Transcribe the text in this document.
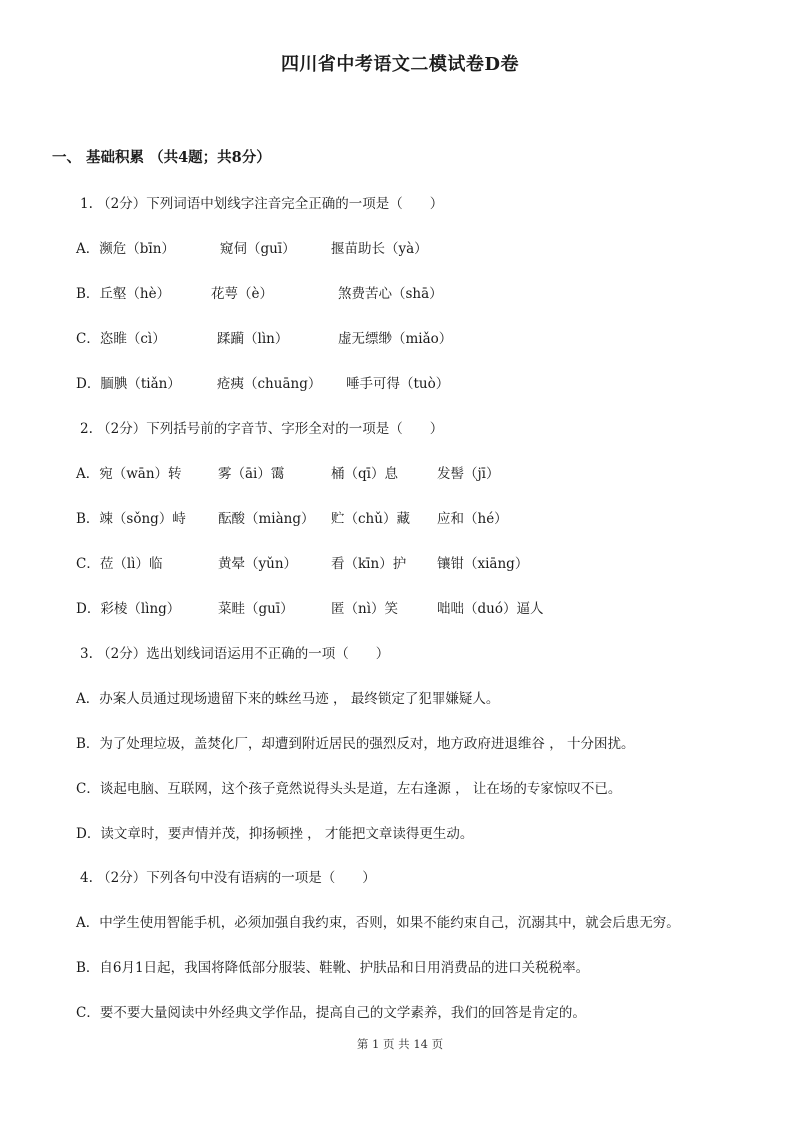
四川省中考语文二模试卷D卷
一、 基础积累 （共4题；共8分）
1. （2分）下列词语中划线字注音完全正确的一项是（　　）
A．濒危（bīn）	窥伺（guī）	揠苗助长（yà）
B．丘壑（hè）	花萼（è）	煞费苦心（shā）
C．恣睢（cì）	蹂躏（lìn）	虚无缥缈（miǎo）
D．腼腆（tiǎn）	疮痍（chuāng） 唾手可得（tuò）
2. （2分）下列括号前的字音节、字形全对的一项是（　　）
A．宛（wān）转	雾（āi）霭	桶（qī）息	发髻（jī）
B．竦（sǒng）峙 酝酸（miàng） 贮（chǔ）藏 应和（hé）
C．莅（lì）临	黄晕（yǔn）	看（kīn）护 镶钳（xiāng）
D．彩棱（lìng）	菜畦（guī）	匿（nì）笑	咄咄（duó）逼人
3. （2分）选出划线词语运用不正确的一项（　　）
A．办案人员通过现场遗留下来的蛛丝马迹 ， 最终锁定了犯罪嫌疑人。
B．为了处理垃圾，盖焚化厂，却遭到附近居民的强烈反对，地方政府进退维谷 ， 十分困扰。
C．谈起电脑、互联网，这个孩子竟然说得头头是道，左右逢源 ， 让在场的专家惊叹不已。
D．读文章时，要声情并茂，抑扬顿挫 ， 才能把文章读得更生动。
4. （2分）下列各句中没有语病的一项是（　　）
A．中学生使用智能手机，必须加强自我约束，否则，如果不能约束自己，沉溺其中，就会后患无穷。
B．自6月1日起，我国将降低部分服装、鞋靴、护肤品和日用消费品的进口关税税率。
C．要不要大量阅读中外经典文学作品，提高自己的文学素养，我们的回答是肯定的。
第 1 页 共 14 页
